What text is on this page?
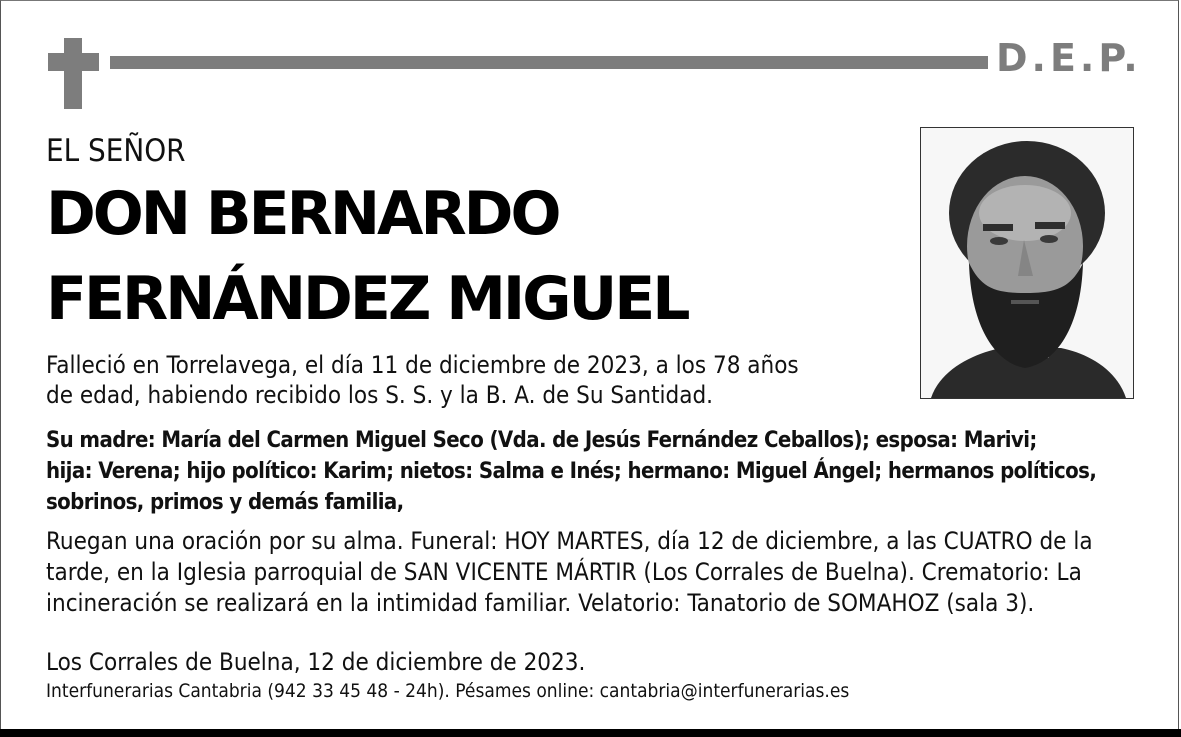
D.E.P.
EL SEÑOR
DON BERNARDO
FERNÁNDEZ MIGUEL
Falleció en Torrelavega, el día 11 de diciembre de 2023, a los 78 años
de edad, habiendo recibido los S. S. y la B. A. de Su Santidad.
Su madre: María del Carmen Miguel Seco (Vda. de Jesús Fernández Ceballos); esposa: Marivi;
hija: Verena; hijo político: Karim; nietos: Salma e Inés; hermano: Miguel Ángel; hermanos políticos,
sobrinos, primos y demás familia,
Ruegan una oración por su alma. Funeral: HOY MARTES, día 12 de diciembre, a las CUATRO de la
tarde, en la Iglesia parroquial de SAN VICENTE MÁRTIR (Los Corrales de Buelna). Crematorio: La
incineración se realizará en la intimidad familiar. Velatorio: Tanatorio de SOMAHOZ (sala 3).
Los Corrales de Buelna, 12 de diciembre de 2023.
Interfunerarias Cantabria (942 33 45 48 - 24h). Pésames online: cantabria@interfunerarias.es
